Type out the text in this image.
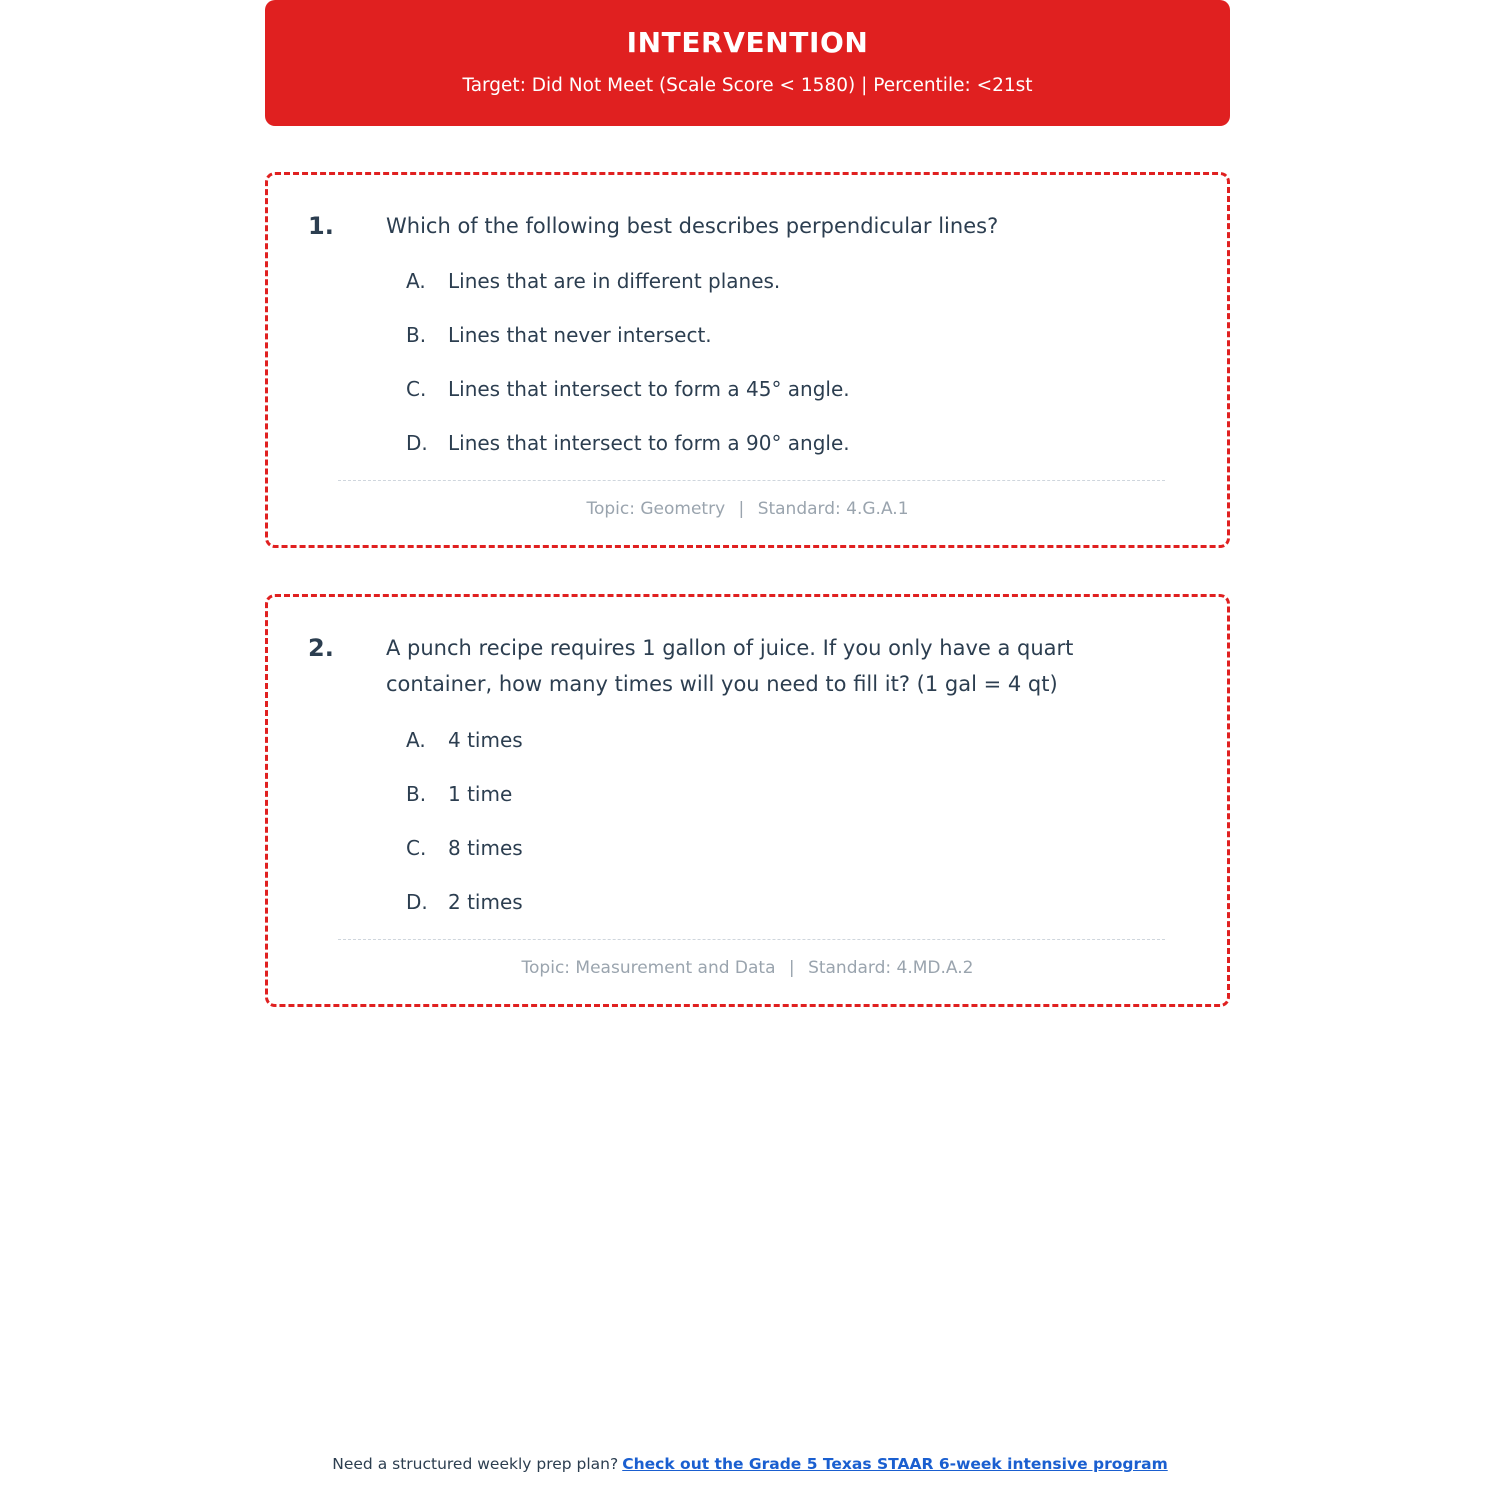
INTERVENTION
Target: Did Not Meet (Scale Score < 1580) | Percentile: <21st
1.	Which of the following best describes perpendicular lines?
A.	Lines that are in different planes.
B.	Lines that never intersect.
C.	Lines that intersect to form a 45° angle.
D.	Lines that intersect to form a 90° angle.
Topic: Geometry | Standard: 4.G.A.1
2.	A punch recipe requires 1 gallon of juice. If you only have a quart container, how many times will you need to fill it? (1 gal = 4 qt)
A.	4 times
B.	1 time
C.	8 times
D.	2 times
Topic: Measurement and Data | Standard: 4.MD.A.2
Need a structured weekly prep plan? Check out the Grade 5 Texas STAAR 6-week intensive program
